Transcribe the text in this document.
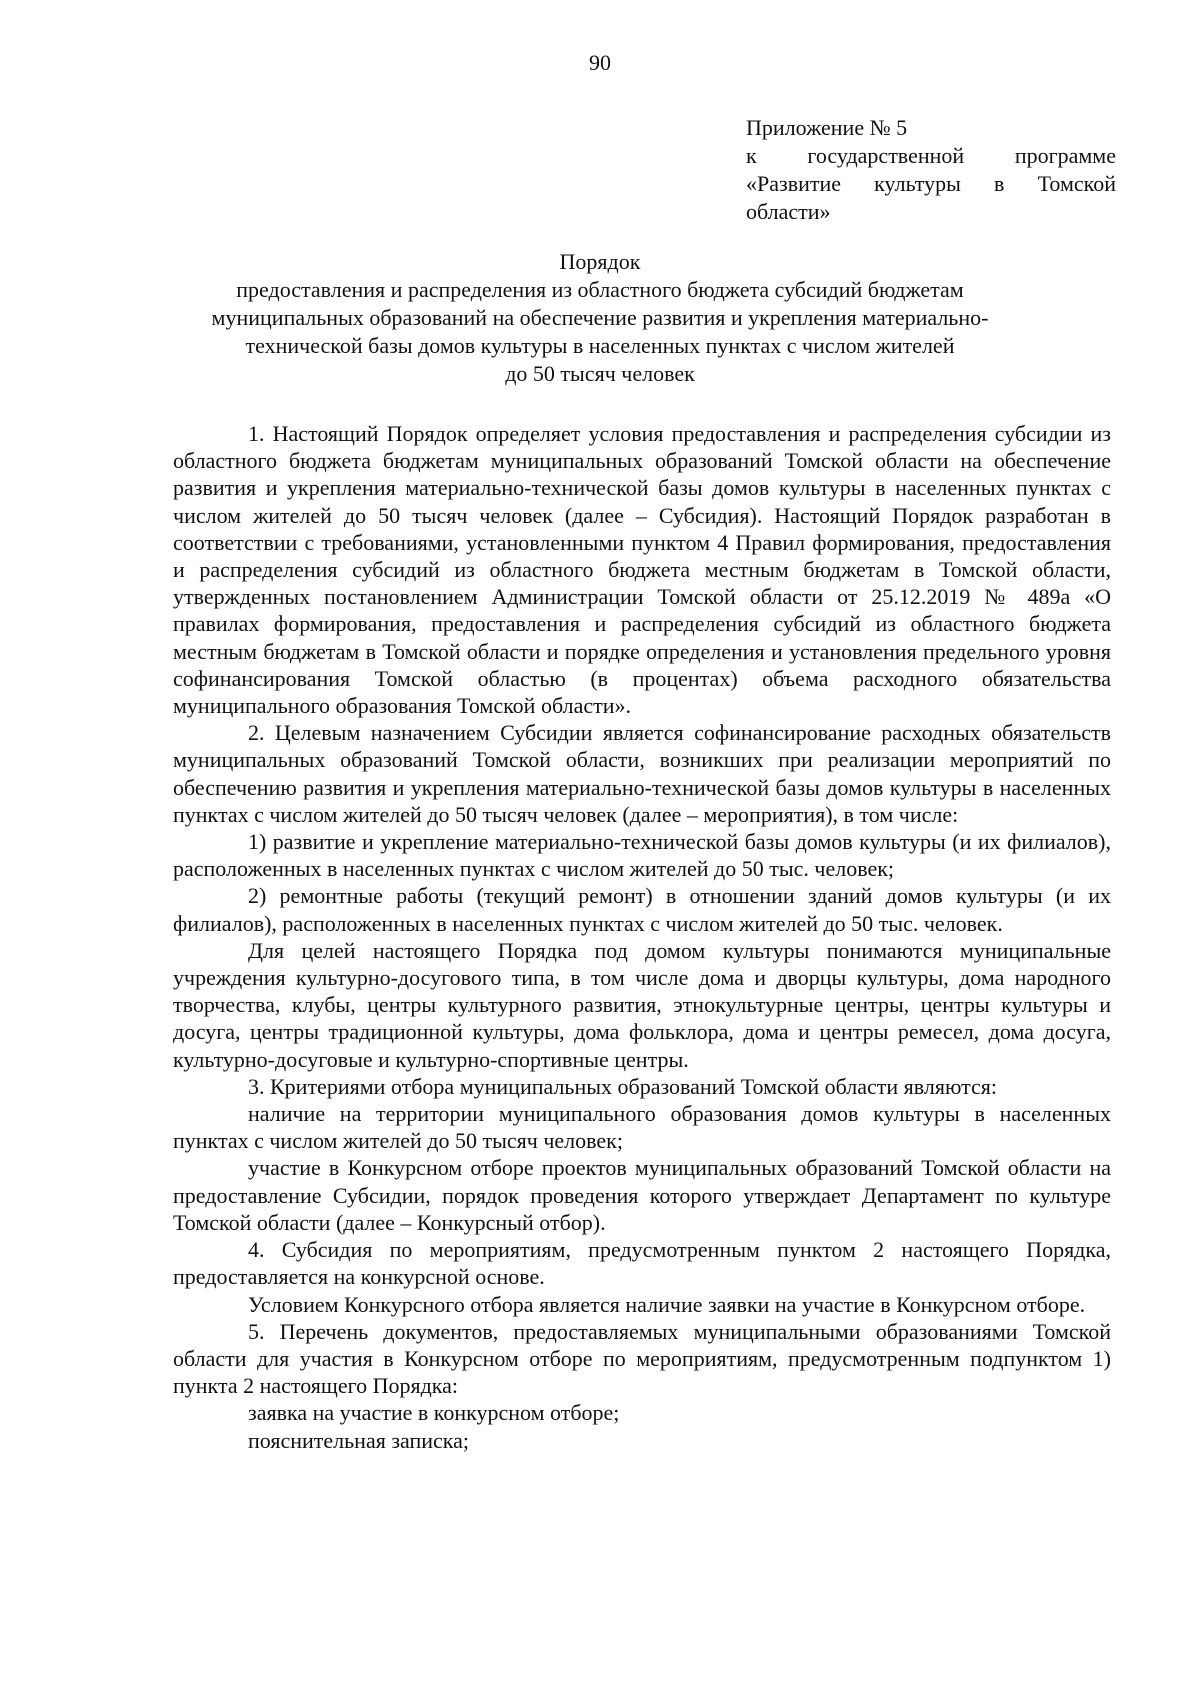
90
Приложение № 5
к государственной программе
«Развитие культуры в Томской
области»
Порядок
предоставления и распределения из областного бюджета субсидий бюджетам
муниципальных образований на обеспечение развития и укрепления материально-
технической базы домов культуры в населенных пунктах с числом жителей
до 50 тысяч человек

1. Настоящий Порядок определяет условия предоставления и распределения субсидии из областного бюджета бюджетам муниципальных образований Томской области на обеспечение развития и укрепления материально-технической базы домов культуры в населенных пунктах с числом жителей до 50 тысяч человек (далее – Субсидия). Настоящий Порядок разработан в соответствии с требованиями, установленными пунктом 4 Правил формирования, предоставления и распределения субсидий из областного бюджета местным бюджетам в Томской области, утвержденных постановлением Администрации Томской области от 25.12.2019 № 489а «О правилах формирования, предоставления и распределения субсидий из областного бюджета местным бюджетам в Томской области и порядке определения и установления предельного уровня софинансирования Томской областью (в процентах) объема расходного обязательства муниципального образования Томской области».

2. Целевым назначением Субсидии является софинансирование расходных обязательств муниципальных образований Томской области, возникших при реализации мероприятий по обеспечению развития и укрепления материально-технической базы домов культуры в населенных пунктах с числом жителей до 50 тысяч человек (далее – мероприятия), в том числе:

1) развитие и укрепление материально-технической базы домов культуры (и их филиалов), расположенных в населенных пунктах с числом жителей до 50 тыс. человек;

2) ремонтные работы (текущий ремонт) в отношении зданий домов культуры (и их филиалов), расположенных в населенных пунктах с числом жителей до 50 тыс. человек.

Для целей настоящего Порядка под домом культуры понимаются муниципальные учреждения культурно-досугового типа, в том числе дома и дворцы культуры, дома народного творчества, клубы, центры культурного развития, этнокультурные центры, центры культуры и досуга, центры традиционной культуры, дома фольклора, дома и центры ремесел, дома досуга, культурно-досуговые и культурно-спортивные центры.

3. Критериями отбора муниципальных образований Томской области являются:

наличие на территории муниципального образования домов культуры в населенных пунктах с числом жителей до 50 тысяч человек;

участие в Конкурсном отборе проектов муниципальных образований Томской области на предоставление Субсидии, порядок проведения которого утверждает Департамент по культуре Томской области (далее – Конкурсный отбор).

4. Субсидия по мероприятиям, предусмотренным пунктом 2 настоящего Порядка, предоставляется на конкурсной основе.

Условием Конкурсного отбора является наличие заявки на участие в Конкурсном отборе.

5. Перечень документов, предоставляемых муниципальными образованиями Томской области для участия в Конкурсном отборе по мероприятиям, предусмотренным подпунктом 1) пункта 2 настоящего Порядка:

заявка на участие в конкурсном отборе;

пояснительная записка;
